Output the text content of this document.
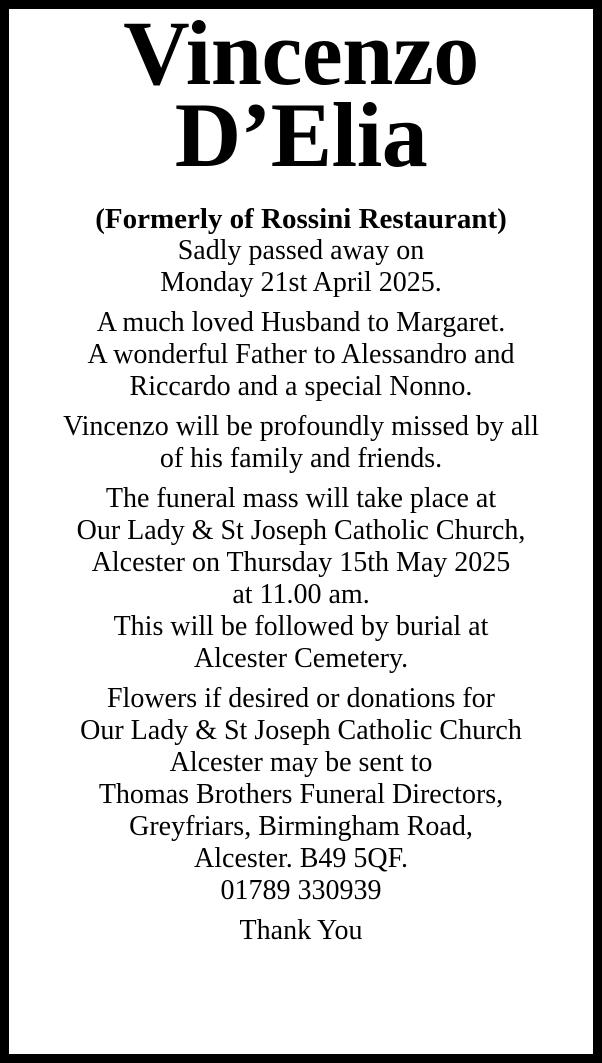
Vincenzo
D’Elia
(Formerly of Rossini Restaurant)
Sadly passed away on
Monday 21st April 2025.
A much loved Husband to Margaret.
A wonderful Father to Alessandro and
Riccardo and a special Nonno.
Vincenzo will be profoundly missed by all
of his family and friends.
The funeral mass will take place at
Our Lady & St Joseph Catholic Church,
Alcester on Thursday 15th May 2025
at 11.00 am.
This will be followed by burial at
Alcester Cemetery.
Flowers if desired or donations for
Our Lady & St Joseph Catholic Church
Alcester may be sent to
Thomas Brothers Funeral Directors,
Greyfriars, Birmingham Road,
Alcester. B49 5QF.
01789 330939
Thank You
